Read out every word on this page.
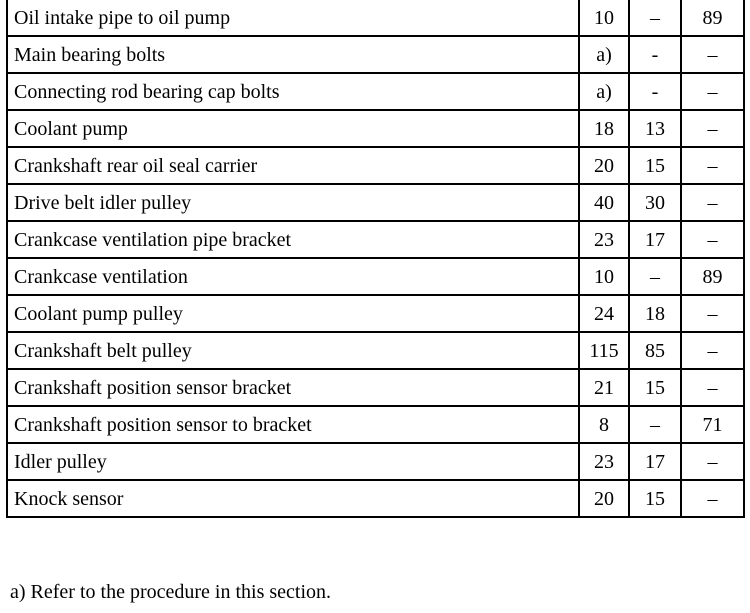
Oil intake pipe to oil pump	10	–	89
Main bearing bolts	a)	-	–
Connecting rod bearing cap bolts	a)	-	–
Coolant pump	18	13	–
Crankshaft rear oil seal carrier	20	15	–
Drive belt idler pulley	40	30	–
Crankcase ventilation pipe bracket	23	17	–
Crankcase ventilation	10	–	89
Coolant pump pulley	24	18	–
Crankshaft belt pulley	115	85	–
Crankshaft position sensor bracket	21	15	–
Crankshaft position sensor to bracket	8	–	71
Idler pulley	23	17	–
Knock sensor	20	15	–
a) Refer to the procedure in this section.
